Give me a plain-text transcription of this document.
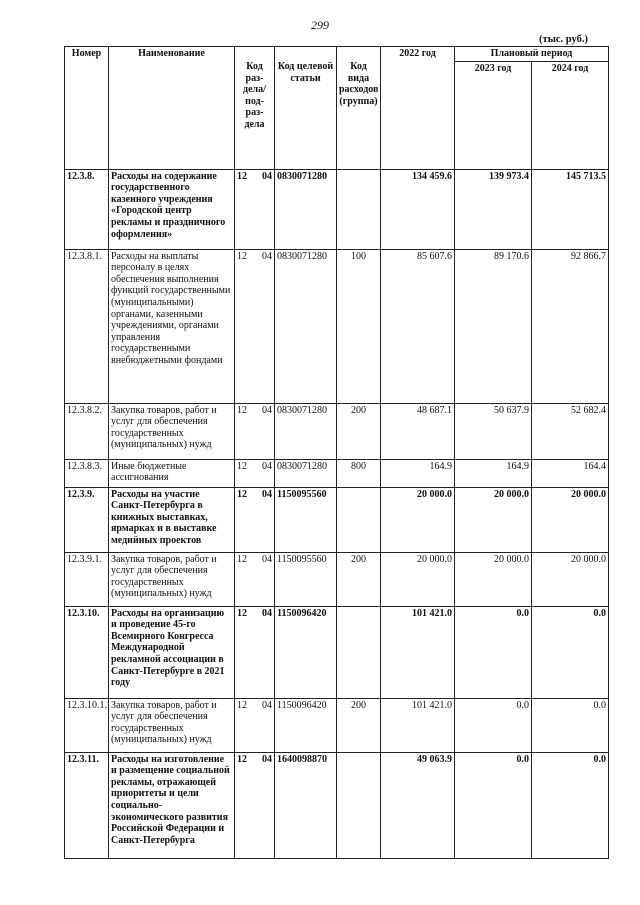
299
(тыс. руб.)
Номер	Наименование	Код раз-дела/ под-раз-дела	Код целевой статьи	Код вида расходов (группа)	2022 год	Плановый период	
						2023 год	2024 год
12.3.8.	Расходы на содержание государственного казенного учреждения «Городской центр рекламы и праздничного оформления»	12 04	0830071280		134 459.6	139 973.4	145 713.5
12.3.8.1.	Расходы на выплаты персоналу в целях обеспечения выполнения функций государственными (муниципальными) органами, казенными учреждениями, органами управления государственными внебюджетными фондами	12 04	0830071280	100	85 607.6	89 170.6	92 866.7
12.3.8.2.	Закупка товаров, работ и услуг для обеспечения государственных (муниципальных) нужд	12 04	0830071280	200	48 687.1	50 637.9	52 682.4
12.3.8.3.	Иные бюджетные ассигнования	12 04	0830071280	800	164.9	164.9	164.4
12.3.9.	Расходы на участие Санкт-Петербурга в книжных выставках, ярмарках и в выставке медийных проектов	12 04	1150095560		20 000.0	20 000.0	20 000.0
12.3.9.1.	Закупка товаров, работ и услуг для обеспечения государственных (муниципальных) нужд	12 04	1150095560	200	20 000.0	20 000.0	20 000.0
12.3.10.	Расходы на организацию и проведение 45-го Всемирного Конгресса Международной рекламной ассоциации в Санкт-Петербурге в 2021 году	12 04	1150096420		101 421.0	0.0	0.0
12.3.10.1.	Закупка товаров, работ и услуг для обеспечения государственных (муниципальных) нужд	12 04	1150096420	200	101 421.0	0.0	0.0
12.3.11.	Расходы на изготовление и размещение социальной рекламы, отражающей приоритеты и цели социально-экономического развития Российской Федерации и Санкт-Петербурга	12 04	1640098870		49 063.9	0.0	0.0
